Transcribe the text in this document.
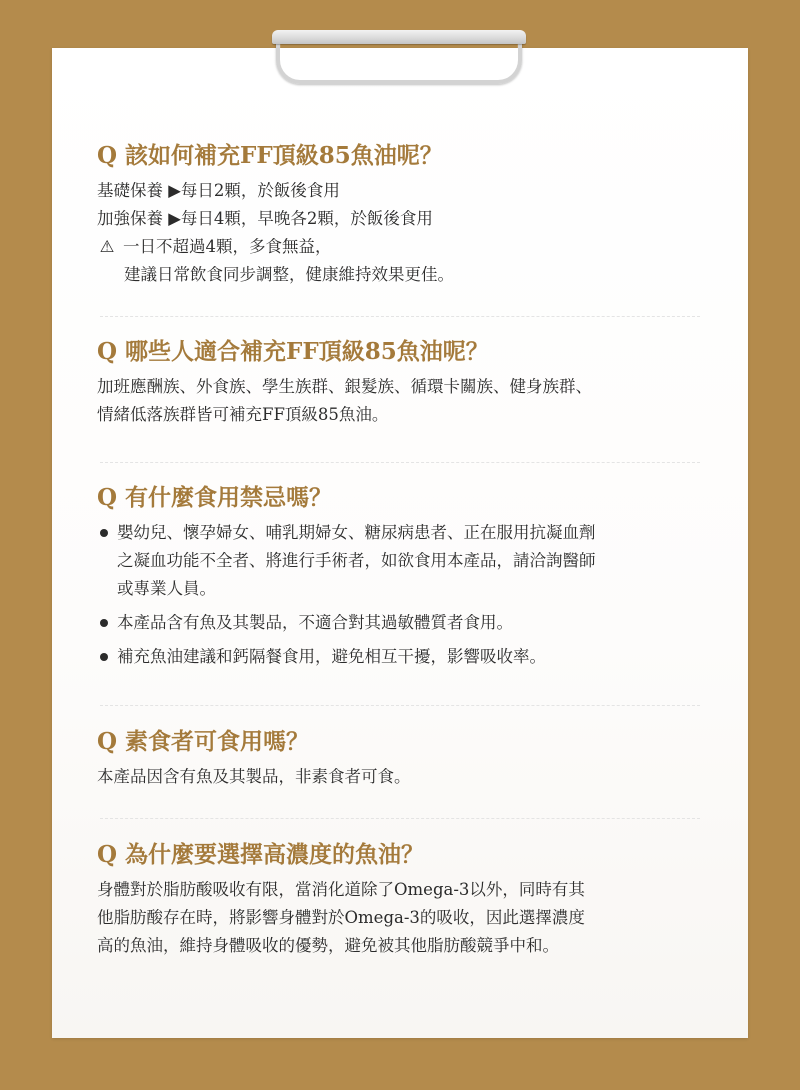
Q 該如何補充FF頂級85魚油呢？
基礎保養 ▶每日2顆，於飯後食用
加強保養 ▶每日4顆，早晚各2顆，於飯後食用
⚠ 一日不超過4顆，多食無益，
建議日常飲食同步調整，健康維持效果更佳。
Q 哪些人適合補充FF頂級85魚油呢？
加班應酬族、外食族、學生族群、銀髮族、循環卡關族、健身族群、
情緒低落族群皆可補充FF頂級85魚油。
Q 有什麼食用禁忌嗎？
嬰幼兒、懷孕婦女、哺乳期婦女、糖尿病患者、正在服用抗凝血劑
之凝血功能不全者、將進行手術者，如欲食用本產品，請洽詢醫師
或專業人員。
本產品含有魚及其製品，不適合對其過敏體質者食用。
補充魚油建議和鈣隔餐食用，避免相互干擾，影響吸收率。
Q 素食者可食用嗎？
本產品因含有魚及其製品，非素食者可食。
Q 為什麼要選擇高濃度的魚油？
身體對於脂肪酸吸收有限，當消化道除了Omega-3以外，同時有其
他脂肪酸存在時，將影響身體對於Omega-3的吸收，因此選擇濃度
高的魚油，維持身體吸收的優勢，避免被其他脂肪酸競爭中和。
